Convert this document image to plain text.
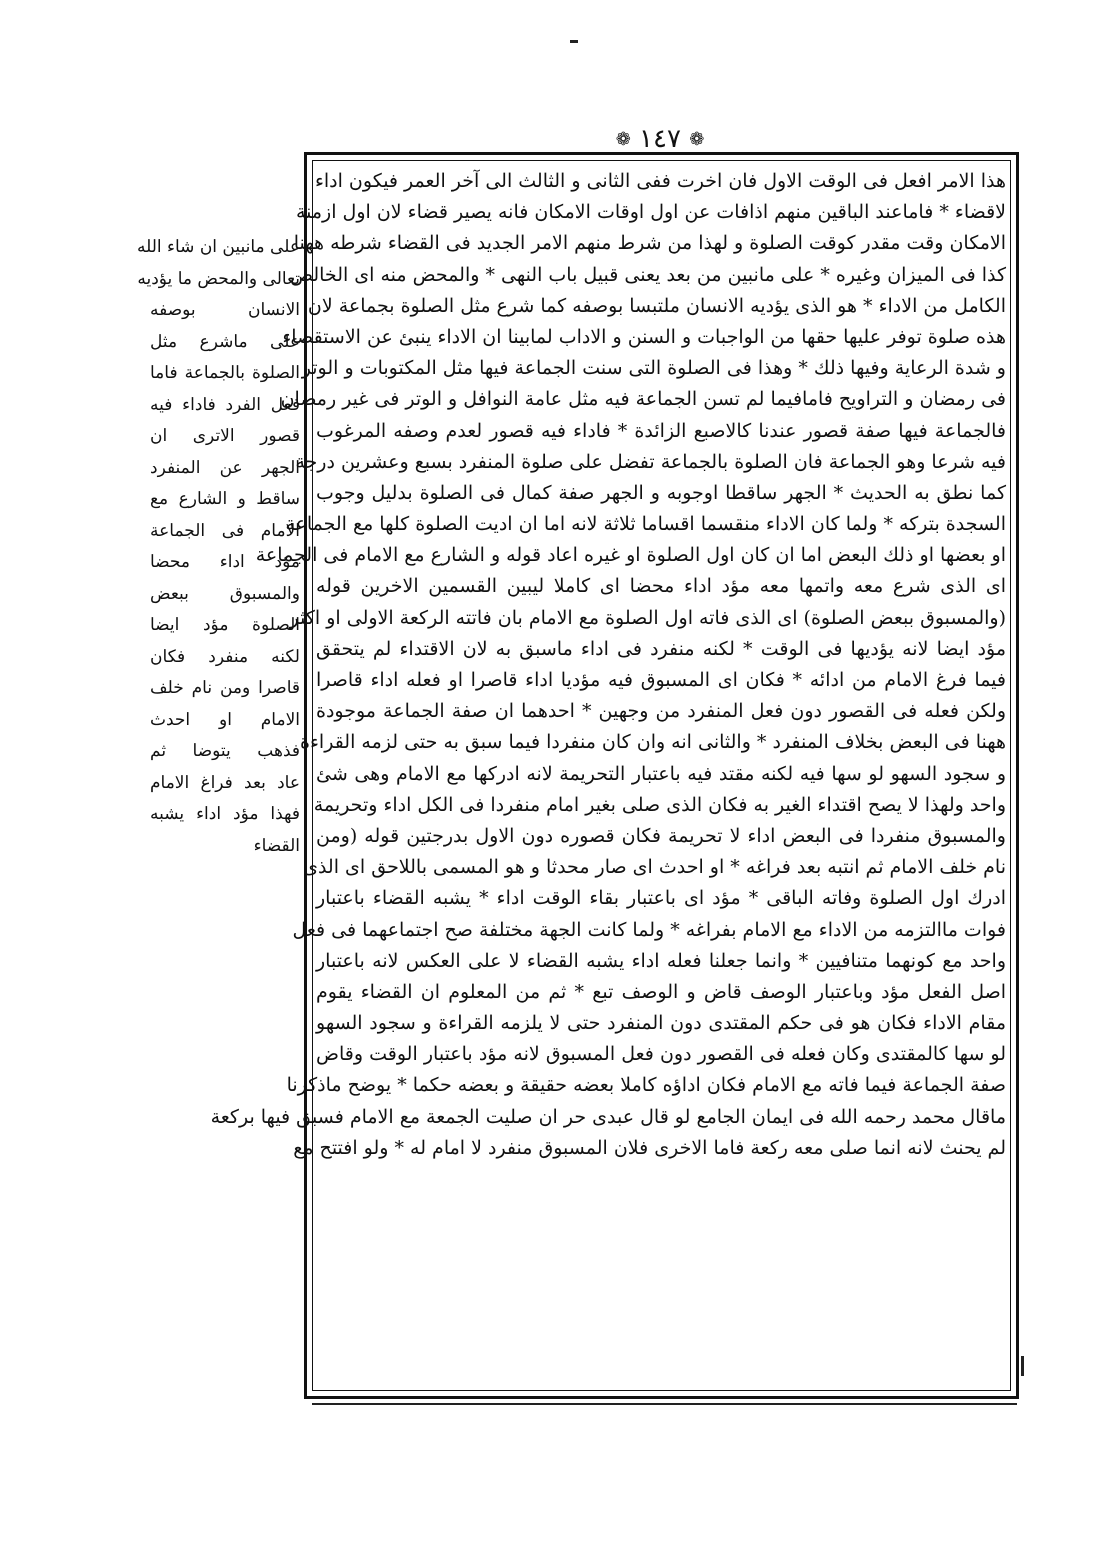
❁ ١٤٧ ❁
على مانبين ان شاء الله
تعالى والمحض ما يؤديه
الانسان بوصفه
على ماشرع مثل
الصلوة بالجماعة فاما
فعل الفرد فاداء فيه
قصور الاترى ان
الجهر عن المنفرد
ساقط و الشارع مع
الامام فى الجماعة
مؤد اداء محضا
والمسبوق ببعض
الصلوة مؤد ايضا
لكنه منفرد فكان
قاصرا ومن نام خلف
الامام او احدث
فذهب يتوضا ثم
عاد بعد فراغ الامام
فهذا مؤد اداء يشبه
القضاء
هذا الامر افعل فى الوقت الاول فان اخرت ففى الثانى و الثالث الى آخر العمر فيكون اداء
لاقضاء * فاماعند الباقين منهم اذافات عن اول اوقات الامكان فانه يصير قضاء لان اول ازمنة
الامكان وقت مقدر كوقت الصلوة و لهذا من شرط منهم الامر الجديد فى القضاء شرطه ههنا
كذا فى الميزان وغيره * على مانبين من بعد يعنى قبيل باب النهى * والمحض منه اى الخالص
الكامل من الاداء * هو الذى يؤديه الانسان ملتبسا بوصفه كما شرع مثل الصلوة بجماعة لان
هذه صلوة توفر عليها حقها من الواجبات و السنن و الاداب لمابينا ان الاداء ينبئ عن الاستقصاء
و شدة الرعاية وفيها ذلك * وهذا فى الصلوة التى سنت الجماعة فيها مثل المكتوبات و الوتر
فى رمضان و التراويح فامافيما لم تسن الجماعة فيه مثل عامة النوافل و الوتر فى غير رمضان
فالجماعة فيها صفة قصور عندنا كالاصبع الزائدة * فاداء فيه قصور لعدم وصفه المرغوب
فيه شرعا وهو الجماعة فان الصلوة بالجماعة تفضل على صلوة المنفرد بسبع وعشرين درجة
كما نطق به الحديث * الجهر ساقطا اوجوبه و الجهر صفة كمال فى الصلوة بدليل وجوب
السجدة بتركه * ولما كان الاداء منقسما اقساما ثلاثة لانه اما ان اديت الصلوة كلها مع الجماعة
او بعضها او ذلك البعض اما ان كان اول الصلوة او غيره اعاد قوله و الشارع مع الامام فى الجماعة
اى الذى شرع معه واتمها معه مؤد اداء محضا اى كاملا ليبين القسمين الاخرين قوله
(والمسبوق ببعض الصلوة) اى الذى فاته اول الصلوة مع الامام بان فاتته الركعة الاولى او اكثر
مؤد ايضا لانه يؤديها فى الوقت * لكنه منفرد فى اداء ماسبق به لان الاقتداء لم يتحقق
فيما فرغ الامام من ادائه * فكان اى المسبوق فيه مؤديا اداء قاصرا او فعله اداء قاصرا
ولكن فعله فى القصور دون فعل المنفرد من وجهين * احدهما ان صفة الجماعة موجودة
ههنا فى البعض بخلاف المنفرد * والثانى انه وان كان منفردا فيما سبق به حتى لزمه القراءة
و سجود السهو لو سها فيه لكنه مقتد فيه باعتبار التحريمة لانه ادركها مع الامام وهى شئ
واحد ولهذا لا يصح اقتداء الغير به فكان الذى صلى بغير امام منفردا فى الكل اداء وتحريمة
والمسبوق منفردا فى البعض اداء لا تحريمة فكان قصوره دون الاول بدرجتين قوله (ومن
نام خلف الامام ثم انتبه بعد فراغه * او احدث اى صار محدثا و هو المسمى باللاحق اى الذى
ادرك اول الصلوة وفاته الباقى * مؤد اى باعتبار بقاء الوقت اداء * يشبه القضاء باعتبار
فوات ماالتزمه من الاداء مع الامام بفراغه * ولما كانت الجهة مختلفة صح اجتماعهما فى فعل
واحد مع كونهما متنافيين * وانما جعلنا فعله اداء يشبه القضاء لا على العكس لانه باعتبار
اصل الفعل مؤد وباعتبار الوصف قاض و الوصف تبع * ثم من المعلوم ان القضاء يقوم
مقام الاداء فكان هو فى حكم المقتدى دون المنفرد حتى لا يلزمه القراءة و سجود السهو
لو سها كالمقتدى وكان فعله فى القصور دون فعل المسبوق لانه مؤد باعتبار الوقت وقاض
صفة الجماعة فيما فاته مع الامام فكان اداؤه كاملا بعضه حقيقة و بعضه حكما * يوضح ماذكرنا
ماقال محمد رحمه الله فى ايمان الجامع لو قال عبدى حر ان صليت الجمعة مع الامام فسبق فيها بركعة
لم يحنث لانه انما صلى معه ركعة فاما الاخرى فلان المسبوق منفرد لا امام له * ولو افتتح مع
